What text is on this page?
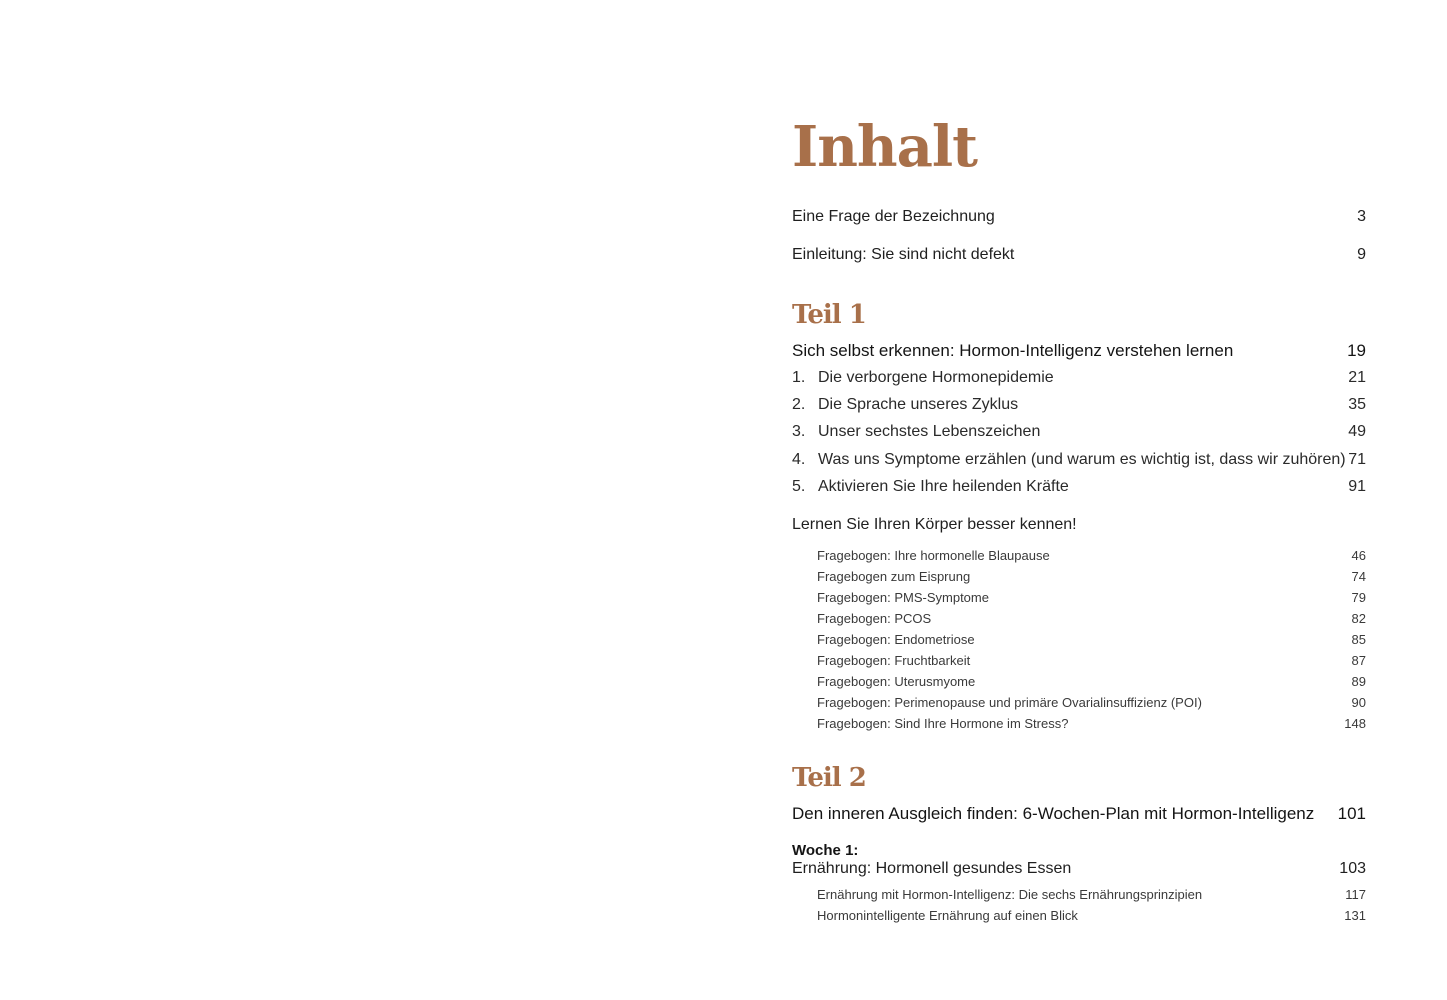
Inhalt
Eine Frage der Bezeichnung	3
Einleitung: Sie sind nicht defekt	9
Teil 1
Sich selbst erkennen: Hormon-Intelligenz verstehen lernen	19
1. Die verborgene Hormonepidemie	21
2. Die Sprache unseres Zyklus	35
3. Unser sechstes Lebenszeichen	49
4. Was uns Symptome erzählen (und warum es wichtig ist, dass wir zuhören) 71
5. Aktivieren Sie Ihre heilenden Kräfte	91
Lernen Sie Ihren Körper besser kennen!
Fragebogen: Ihre hormonelle Blaupause	46
Fragebogen zum Eisprung	74
Fragebogen: PMS-Symptome	79
Fragebogen: PCOS	82
Fragebogen: Endometriose	85
Fragebogen: Fruchtbarkeit	87
Fragebogen: Uterusmyome	89
Fragebogen: Perimenopause und primäre Ovarialinsuffizienz (POI)	90
Fragebogen: Sind Ihre Hormone im Stress?	148
Teil 2
Den inneren Ausgleich finden: 6-Wochen-Plan mit Hormon-Intelligenz 101
Woche 1:
Ernährung: Hormonell gesundes Essen	103
Ernährung mit Hormon-Intelligenz: Die sechs Ernährungsprinzipien	117
Hormonintelligente Ernährung auf einen Blick	131
